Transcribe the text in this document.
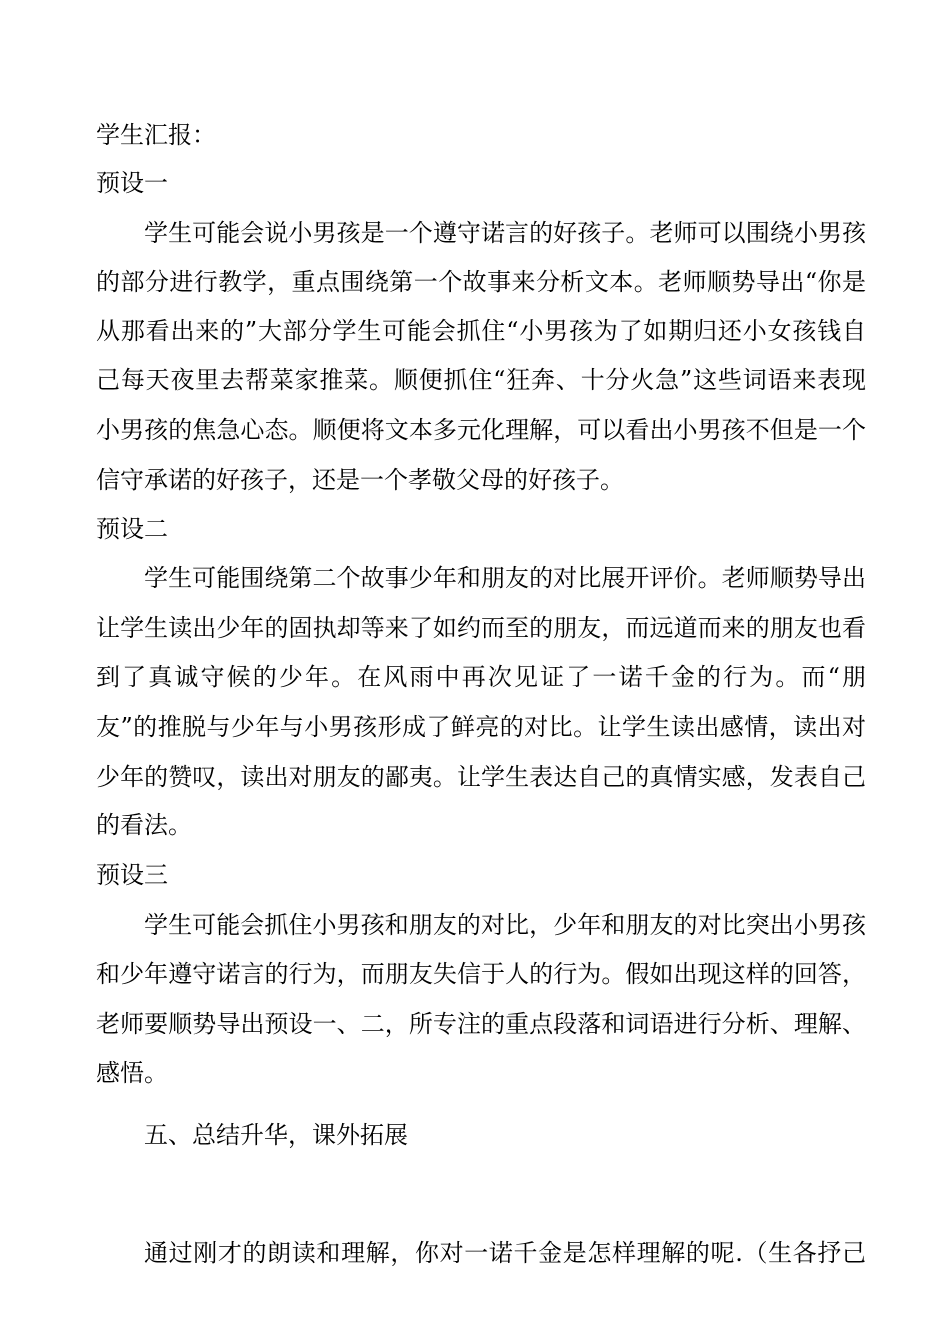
学生汇报：
预设一
学生可能会说小男孩是一个遵守诺言的好孩子。老师可以围绕小男孩
的部分进行教学，重点围绕第一个故事来分析文本。老师顺势导出“你是
从那看出来的”大部分学生可能会抓住“小男孩为了如期归还小女孩钱自
己每天夜里去帮菜家推菜。顺便抓住“狂奔、十分火急”这些词语来表现
小男孩的焦急心态。顺便将文本多元化理解，可以看出小男孩不但是一个
信守承诺的好孩子，还是一个孝敬父母的好孩子。
预设二
学生可能围绕第二个故事少年和朋友的对比展开评价。老师顺势导出
让学生读出少年的固执却等来了如约而至的朋友，而远道而来的朋友也看
到了真诚守候的少年。在风雨中再次见证了一诺千金的行为。而“朋
友”的推脱与少年与小男孩形成了鲜亮的对比。让学生读出感情，读出对
少年的赞叹，读出对朋友的鄙夷。让学生表达自己的真情实感，发表自己
的看法。
预设三
学生可能会抓住小男孩和朋友的对比，少年和朋友的对比突出小男孩
和少年遵守诺言的行为，而朋友失信于人的行为。假如出现这样的回答，
老师要顺势导出预设一、二，所专注的重点段落和词语进行分析、理解、
感悟。
五、总结升华，课外拓展
通过刚才的朗读和理解，你对一诺千金是怎样理解的呢.（生各抒己
